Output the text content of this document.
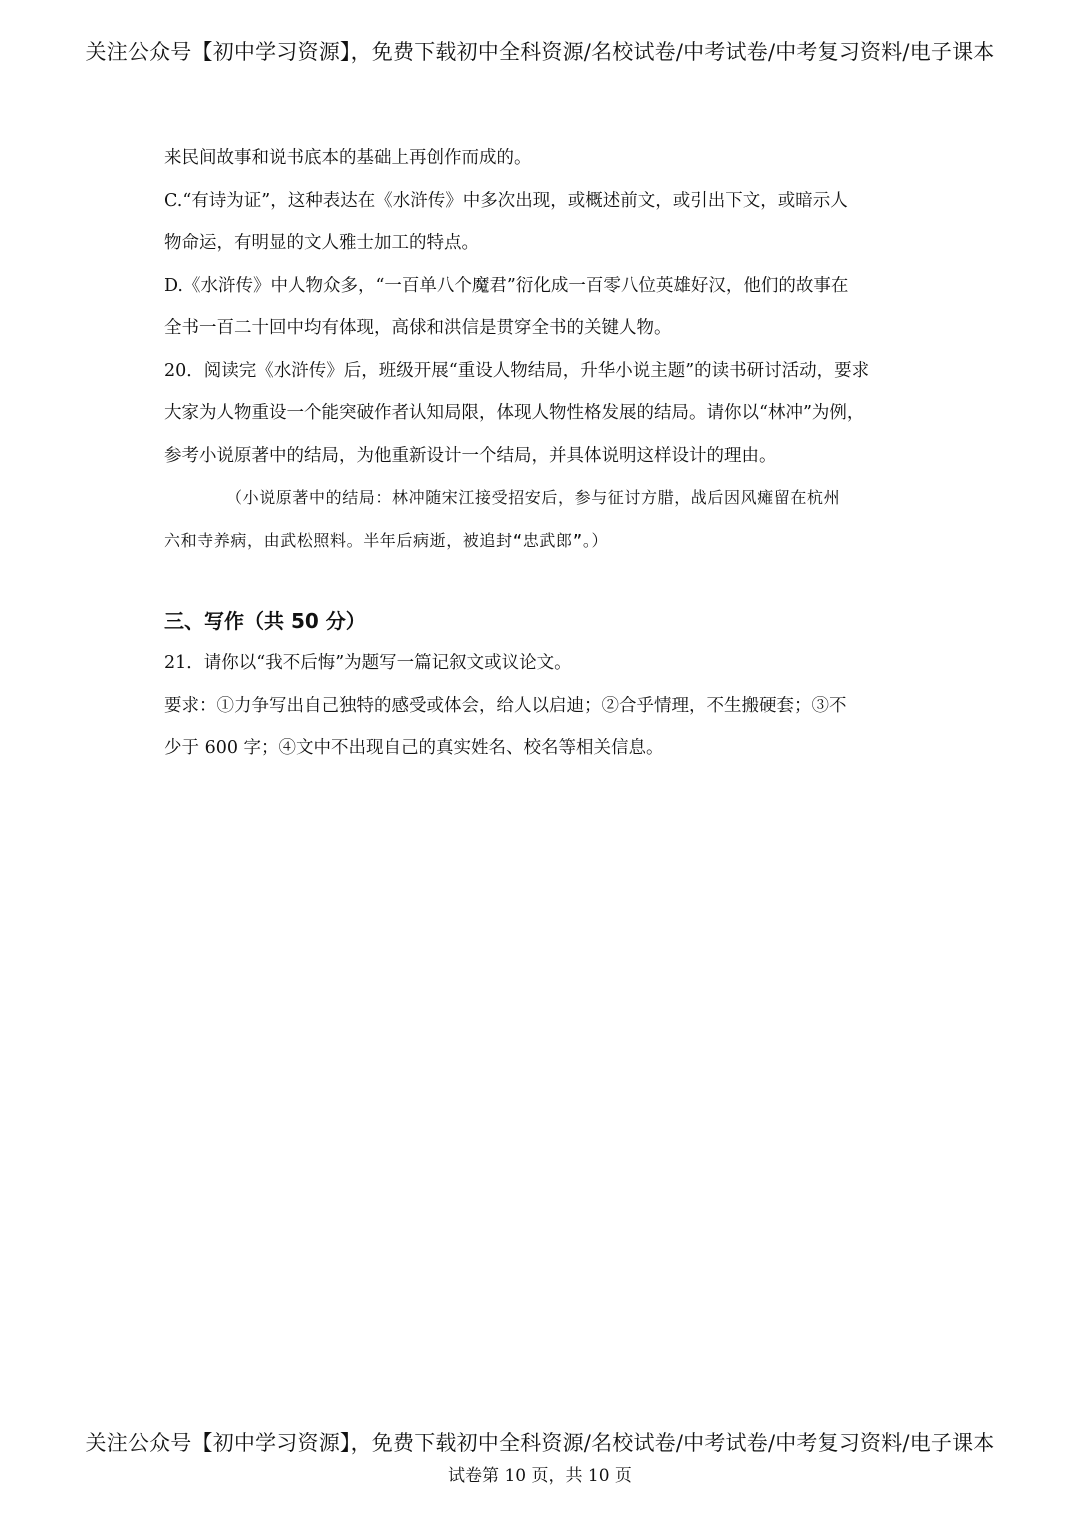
关注公众号【初中学习资源】，免费下载初中全科资源/名校试卷/中考试卷/中考复习资料/电子课本
来民间故事和说书底本的基础上再创作而成的。
C.“有诗为证”，这种表达在《水浒传》中多次出现，或概述前文，或引出下文，或暗示人
物命运，有明显的文人雅士加工的特点。
D.《水浒传》中人物众多，“一百单八个魔君”衍化成一百零八位英雄好汉，他们的故事在
全书一百二十回中均有体现，高俅和洪信是贯穿全书的关键人物。
20．阅读完《水浒传》后，班级开展“重设人物结局，升华小说主题”的读书研讨活动，要求
大家为人物重设一个能突破作者认知局限，体现人物性格发展的结局。请你以“林冲”为例，
参考小说原著中的结局，为他重新设计一个结局，并具体说明这样设计的理由。
（小说原著中的结局：林冲随宋江接受招安后，参与征讨方腊，战后因风瘫留在杭州
六和寺养病，由武松照料。半年后病逝，被追封“忠武郎”。）
三、写作（共 50 分）
21．请你以“我不后悔”为题写一篇记叙文或议论文。
要求：①力争写出自己独特的感受或体会，给人以启迪；②合乎情理，不生搬硬套；③不
少于 600 字；④文中不出现自己的真实姓名、校名等相关信息。
关注公众号【初中学习资源】，免费下载初中全科资源/名校试卷/中考试卷/中考复习资料/电子课本
试卷第 10 页，共 10 页
